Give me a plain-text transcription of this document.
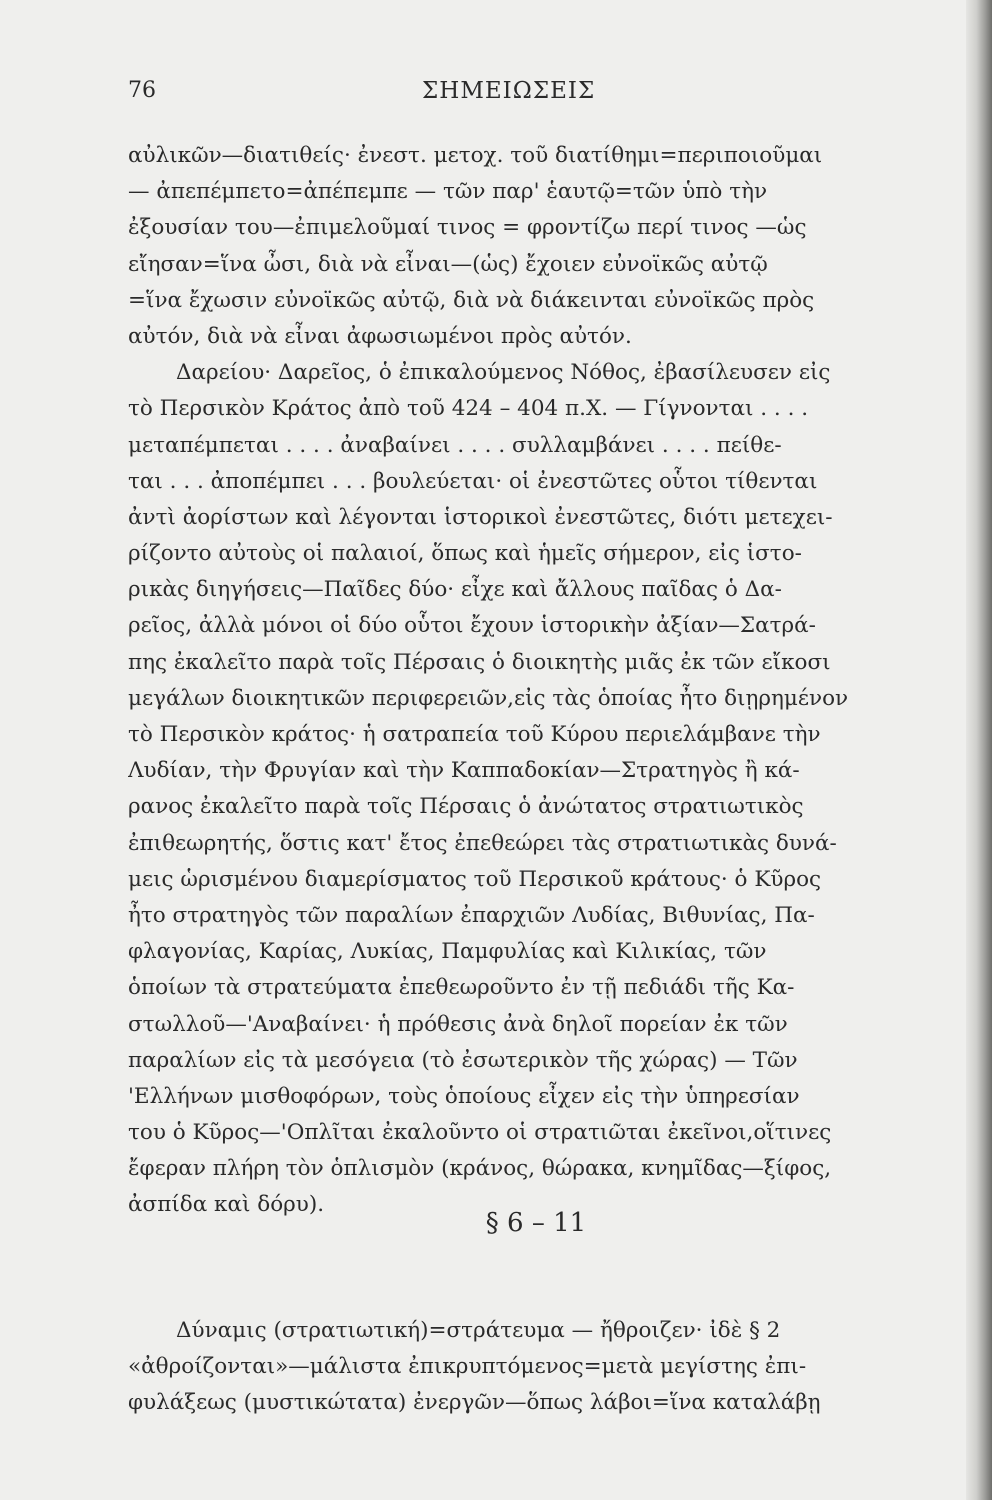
76	ΣΗΜΕΙΩΣΕΙΣ
αὐλικῶν—διατιθείς· ἐνεστ. μετοχ. τοῦ διατίθημι=περιποιοῦμαι
— ἀπεπέμπετο=ἀπέπεμπε — τῶν παρ' ἑαυτῷ=τῶν ὑπὸ τὴν
ἐξουσίαν του—ἐπιμελοῦμαί τινος = φροντίζω περί τινος —ὡς
εἴησαν=ἵνα ὦσι, διὰ νὰ εἶναι—(ὡς) ἔχοιεν εὐνοϊκῶς αὐτῷ
=ἵνα ἔχωσιν εὐνοϊκῶς αὐτῷ, διὰ νὰ διάκεινται εὐνοϊκῶς πρὸς
αὐτόν, διὰ νὰ εἶναι ἀφωσιωμένοι πρὸς αὐτόν.
Δαρείου· Δαρεῖος, ὁ ἐπικαλούμενος Νόθος, ἐβασίλευσεν εἰς
τὸ Περσικὸν Κράτος ἀπὸ τοῦ 424 – 404 π.Χ. — Γίγνονται . . . .
μεταπέμπεται . . . . ἀναβαίνει . . . . συλλαμβάνει . . . . πείθε-
ται . . . ἀποπέμπει . . . βουλεύεται· οἱ ἐνεστῶτες οὗτοι τίθενται
ἀντὶ ἀορίστων καὶ λέγονται ἱστορικοὶ ἐνεστῶτες, διότι μετεχει-
ρίζοντο αὐτοὺς οἱ παλαιοί, ὅπως καὶ ἡμεῖς σήμερον, εἰς ἱστο-
ρικὰς διηγήσεις—Παῖδες δύο· εἶχε καὶ ἄλλους παῖδας ὁ Δα-
ρεῖος, ἀλλὰ μόνοι οἱ δύο οὗτοι ἔχουν ἱστορικὴν ἀξίαν—Σατρά-
πης ἐκαλεῖτο παρὰ τοῖς Πέρσαις ὁ διοικητὴς μιᾶς ἐκ τῶν εἴκοσι
μεγάλων διοικητικῶν περιφερειῶν,εἰς τὰς ὁποίας ἦτο διῃρημένον
τὸ Περσικὸν κράτος· ἡ σατραπεία τοῦ Κύρου περιελάμβανε τὴν
Λυδίαν, τὴν Φρυγίαν καὶ τὴν Καππαδοκίαν—Στρατηγὸς ἢ κά-
ρανος ἐκαλεῖτο παρὰ τοῖς Πέρσαις ὁ ἀνώτατος στρατιωτικὸς
ἐπιθεωρητής, ὅστις κατ' ἔτος ἐπεθεώρει τὰς στρατιωτικὰς δυνά-
μεις ὡρισμένου διαμερίσματος τοῦ Περσικοῦ κράτους· ὁ Κῦρος
ἦτο στρατηγὸς τῶν παραλίων ἐπαρχιῶν Λυδίας, Βιθυνίας, Πα-
φλαγονίας, Καρίας, Λυκίας, Παμφυλίας καὶ Κιλικίας, τῶν
ὁποίων τὰ στρατεύματα ἐπεθεωροῦντο ἐν τῇ πεδιάδι τῆς Κα-
στωλλοῦ—'Αναβαίνει· ἡ πρόθεσις ἀνὰ δηλοῖ πορείαν ἐκ τῶν
παραλίων εἰς τὰ μεσόγεια (τὸ ἐσωτερικὸν τῆς χώρας) — Τῶν
'Ελλήνων μισθοφόρων, τοὺς ὁποίους εἶχεν εἰς τὴν ὑπηρεσίαν
του ὁ Κῦρος—'Οπλῖται ἐκαλοῦντο οἱ στρατιῶται ἐκεῖνοι,οἵτινες
ἔφεραν πλήρη τὸν ὁπλισμὸν (κράνος, θώρακα, κνημῖδας—ξίφος,
ἀσπίδα καὶ δόρυ).
§ 6 – 11
Δύναμις (στρατιωτική)=στράτευμα — ἤθροιζεν· ἰδὲ § 2
«ἀθροίζονται»—μάλιστα ἐπικρυπτόμενος=μετὰ μεγίστης ἐπι-
φυλάξεως (μυστικώτατα) ἐνεργῶν—ὅπως λάβοι=ἵνα καταλάβῃ
